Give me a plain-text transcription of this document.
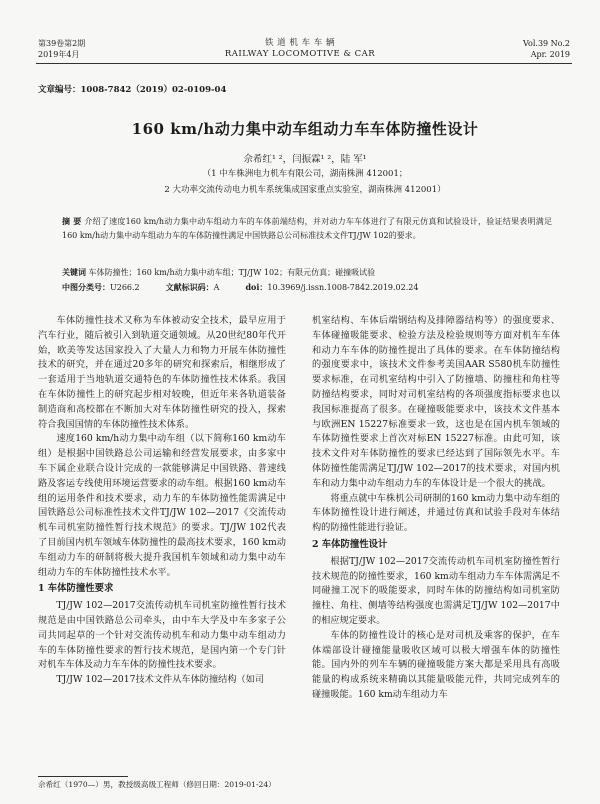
第39卷第2期
2019年4月
铁 道 机 车 车 辆
RAILWAY LOCOMOTIVE & CAR
Vol.39 No.2
Apr. 2019
文章编号：1008-7842（2019）02-0109-04
160 km/h动力集中动车组动力车车体防撞性设计
佘希红¹ ²，闫振霖¹ ²，陆 军¹
（1 中车株洲电力机车有限公司，湖南株洲 412001；
2 大功率交流传动电力机车系统集成国家重点实验室，湖南株洲 412001）
摘 要 介绍了速度160 km/h动力集中动车组动力车的车体前端结构，并对动力车车体进行了有限元仿真和试验设计，验证结果表明满足160 km/h动力集中动车组动力车的车体防撞性满足中国铁路总公司标准技术文件TJ/JW 102的要求。
关键词 车体防撞性；160 km/h动力集中动车组；TJ/JW 102；有限元仿真；碰撞吸试验
中图分类号：U266.2	文献标识码：A	doi：10.3969/j.issn.1008-7842.2019.02.24

车体防撞性技术又称为车体被动安全技术，最早应用于汽车行业，随后被引入到轨道交通领域。从20世纪80年代开始，欧美等发达国家投入了大量人力和物力开展车体防撞性技术的研究，并在通过20多年的研究和探索后，相继形成了一套适用于当地轨道交通特色的车体防撞性技术体系。我国在车体防撞性上的研究起步相对较晚，但近年来各轨道装备制造商和高校都在不断加大对车体防撞性研究的投入，探索符合我国国情的车体防撞性技术体系。

速度160 km/h动力集中动车组（以下简称160 km动车组）是根据中国铁路总公司运输和经营发展要求，由多家中车下属企业联合设计完成的一款能够满足中国铁路、普速线路及客运专线使用环境运营要求的动车组。根据160 km动车组的运用条件和技术要求，动力车的车体防撞性能需满足中国铁路总公司标准性技术文件TJ/JW 102—2017《交流传动机车司机室防撞性暂行技术规范》的要求。TJ/JW 102代表了目前国内机车领域车体防撞性的最高技术要求，160 km动车组动力车的研制将极大提升我国机车领域和动力集中动车组动力车的车体防撞性技术水平。

1 车体防撞性要求

TJ/JW 102—2017交流传动机车司机室防撞性暂行技术规范是由中国铁路总公司牵头，由中车大学及中车多家子公司共同起草的一个针对交流传动机车和动力集中动车组动力车的车体防撞性要求的暂行技术规范，是国内第一个专门针对机车车体及动力车车体的防撞性技术要求。

TJ/JW 102—2017技术文件从车体防撞结构（如司

机室结构、车体后端钢结构及排障器结构等）的强度要求、车体碰撞吸能要求、检验方法及检验规则等方面对机车车体和动力车车体的防撞性提出了具体的要求。在车体防撞结构的强度要求中，该技术文件参考美国AAR S580机车防撞性要求标准，在司机室结构中引入了防撞墙、防撞柱和角柱等防撞结构要求，同时对司机室结构的各项强度指标要求也以我国标准提高了很多。在碰撞吸能要求中，该技术文件基本与欧洲EN 15227标准要求一致，这也是在国内机车领域的车体防撞性要求上首次对标EN 15227标准。由此可知，该技术文件对车体防撞性的要求已经达到了国际领先水平。车体防撞性能需满足TJ/JW 102—2017的技术要求，对国内机车和动力集中动车组动力车的车体设计是一个很大的挑战。

将重点就中车株机公司研制的160 km动力集中动车组的车体防撞性设计进行阐述，并通过仿真和试验手段对车体结构的防撞性能进行验证。

2 车体防撞性设计

根据TJ/JW 102—2017交流传动机车司机室防撞性暂行技术规范的防撞性要求，160 km动车组动力车车体需满足不同碰撞工况下的吸能要求，同时车体的防撞结构如司机室防撞柱、角柱、侧墙等结构强度也需满足TJ/JW 102—2017中的相应规定要求。

车体的防撞性设计的核心是对司机及乘客的保护，在车体端部设计碰撞能量吸收区域可以极大增强车体的防撞性能。国内外的列车车辆的碰撞吸能方案大都是采用具有高吸能量的构成系统来精确以其能量吸能元件，共同完成列车的碰撞吸能。160 km动车组动力车

佘希红（1970—）男，教授级高级工程师（修回日期：2019-01-24）
